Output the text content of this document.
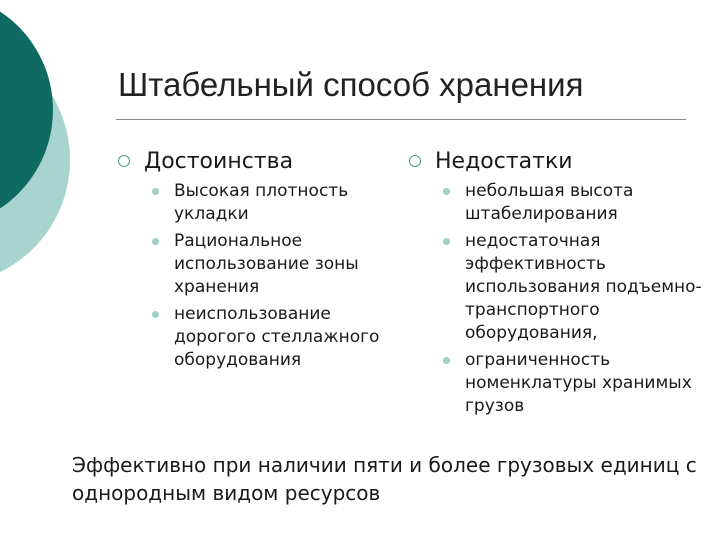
Штабельный способ хранения
Достоинства
Высокая плотность укладки
Рациональное использование зоны хранения
неиспользование дорогого стеллажного оборудования
Недостатки
небольшая высота штабелирования
недостаточная эффективность использования подъемно-транспортного оборудования,
ограниченность номенклатуры хранимых грузов
Эффективно при наличии пяти и более грузовых единиц с однородным видом ресурсов
